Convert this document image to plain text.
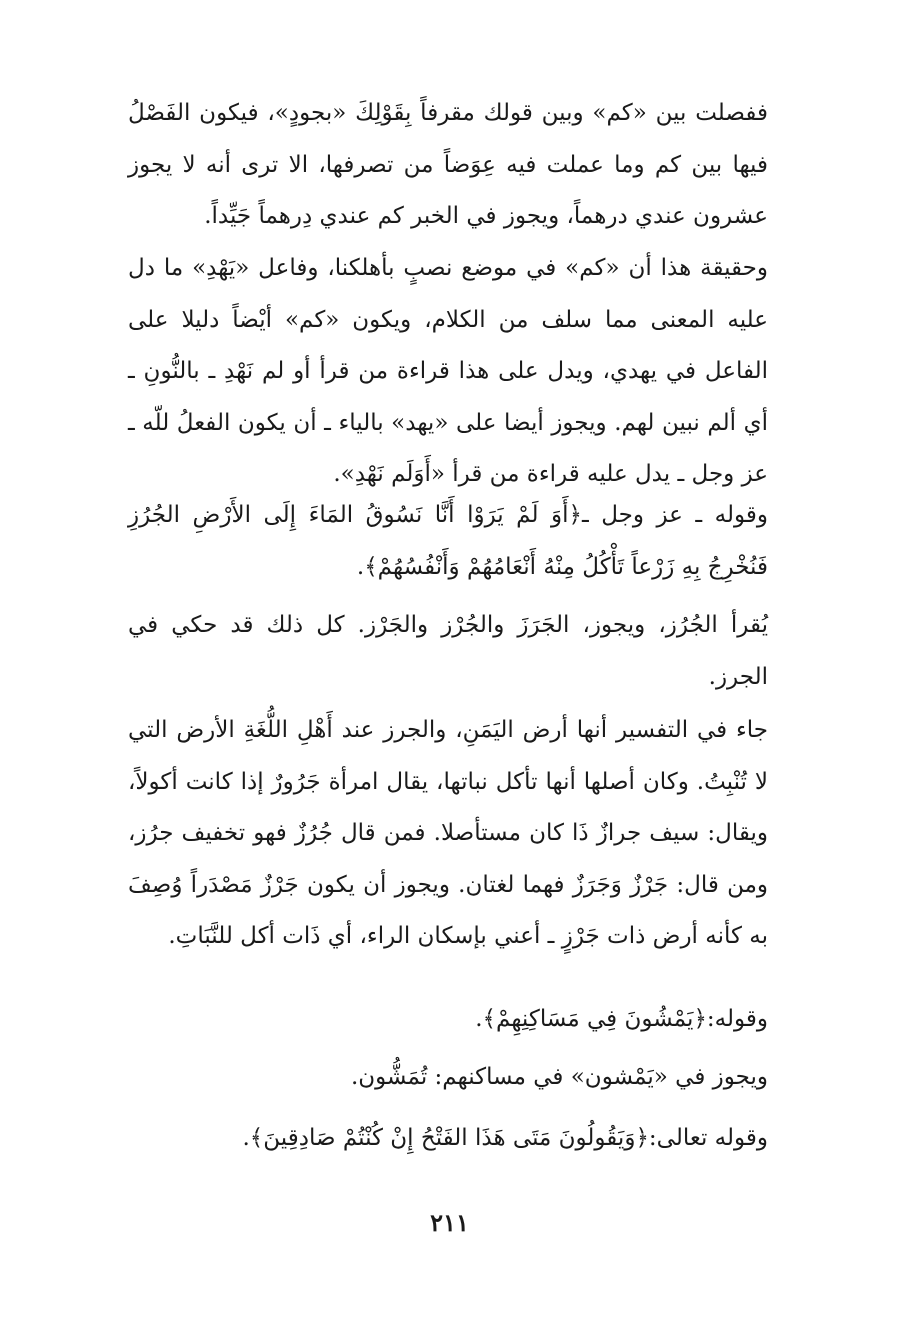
ففصلت بين «كم» وبين قولك مقرفاً بِقَوْلِكَ «بجودٍ»، فيكون الفَصْلُ فيها بين كم وما عملت فيه عِوَضاً من تصرفها، الا ترى أنه لا يجوز عشرون عندي درهماً، ويجوز في الخبر كم عندي دِرهماً جَيِّداً.

وحقيقة هذا أن «كم» في موضع نصبٍ بأهلكنا، وفاعل «يَهْدِ» ما دل عليه المعنى مما سلف من الكلام، ويكون «كم» أيْضاً دليلا على الفاعل في يهدي، ويدل على هذا قراءة من قرأ أو لم نَهْدِ ـ بالنُّونِ ـ أي ألم نبين لهم. ويجوز أيضا على «يهد» بالياء ـ أن يكون الفعلُ للّه ـ عز وجل ـ يدل عليه قراءة من قرأ «أَوَلَم نَهْدِ».

وقوله ـ عز وجل ـ﴿أَوَ لَمْ يَرَوْا أَنَّا نَسُوقُ المَاءَ إِلَى الأَرْضِ الجُرُزِ فَنُخْرِجُ بِهِ زَرْعاً تَأْكُلُ مِنْهُ أَنْعَامُهُمْ وَأَنْفُسُهُمْ﴾.

يُقرأ الجُرُز، ويجوز، الجَرَزَ والجُرْز والجَرْز. كل ذلك قد حكي في الجرز.

جاء في التفسير أنها أرض اليَمَنِ، والجرز عند أَهْلِ اللُّغَةِ الأرض التي لا تُنْبِتُ. وكان أصلها أنها تأكل نباتها، يقال امرأة جَرُورٌ إذا كانت أكولاً، ويقال: سيف جرازٌ ذَا كان مستأصلا. فمن قال جُرُزٌ فهو تخفيف جرُز، ومن قال: جَرْزٌ وَجَرَزٌ فهما لغتان. ويجوز أن يكون جَرْزٌ مَصْدَراً وُصِفَ به كأنه أرض ذات جَرْزٍ ـ أعني بإسكان الراء، أي ذَات أكل للنَّبَاتِ.

وقوله:﴿يَمْشُونَ فِي مَسَاكِنِهِمْ﴾.
ويجوز في «يَمْشون» في مساكنهم: تُمَشُّون.
وقوله تعالى:﴿وَيَقُولُونَ مَتَى هَذَا الفَتْحُ إِنْ كُنْتُمْ صَادِقِينَ﴾.
٢١١
